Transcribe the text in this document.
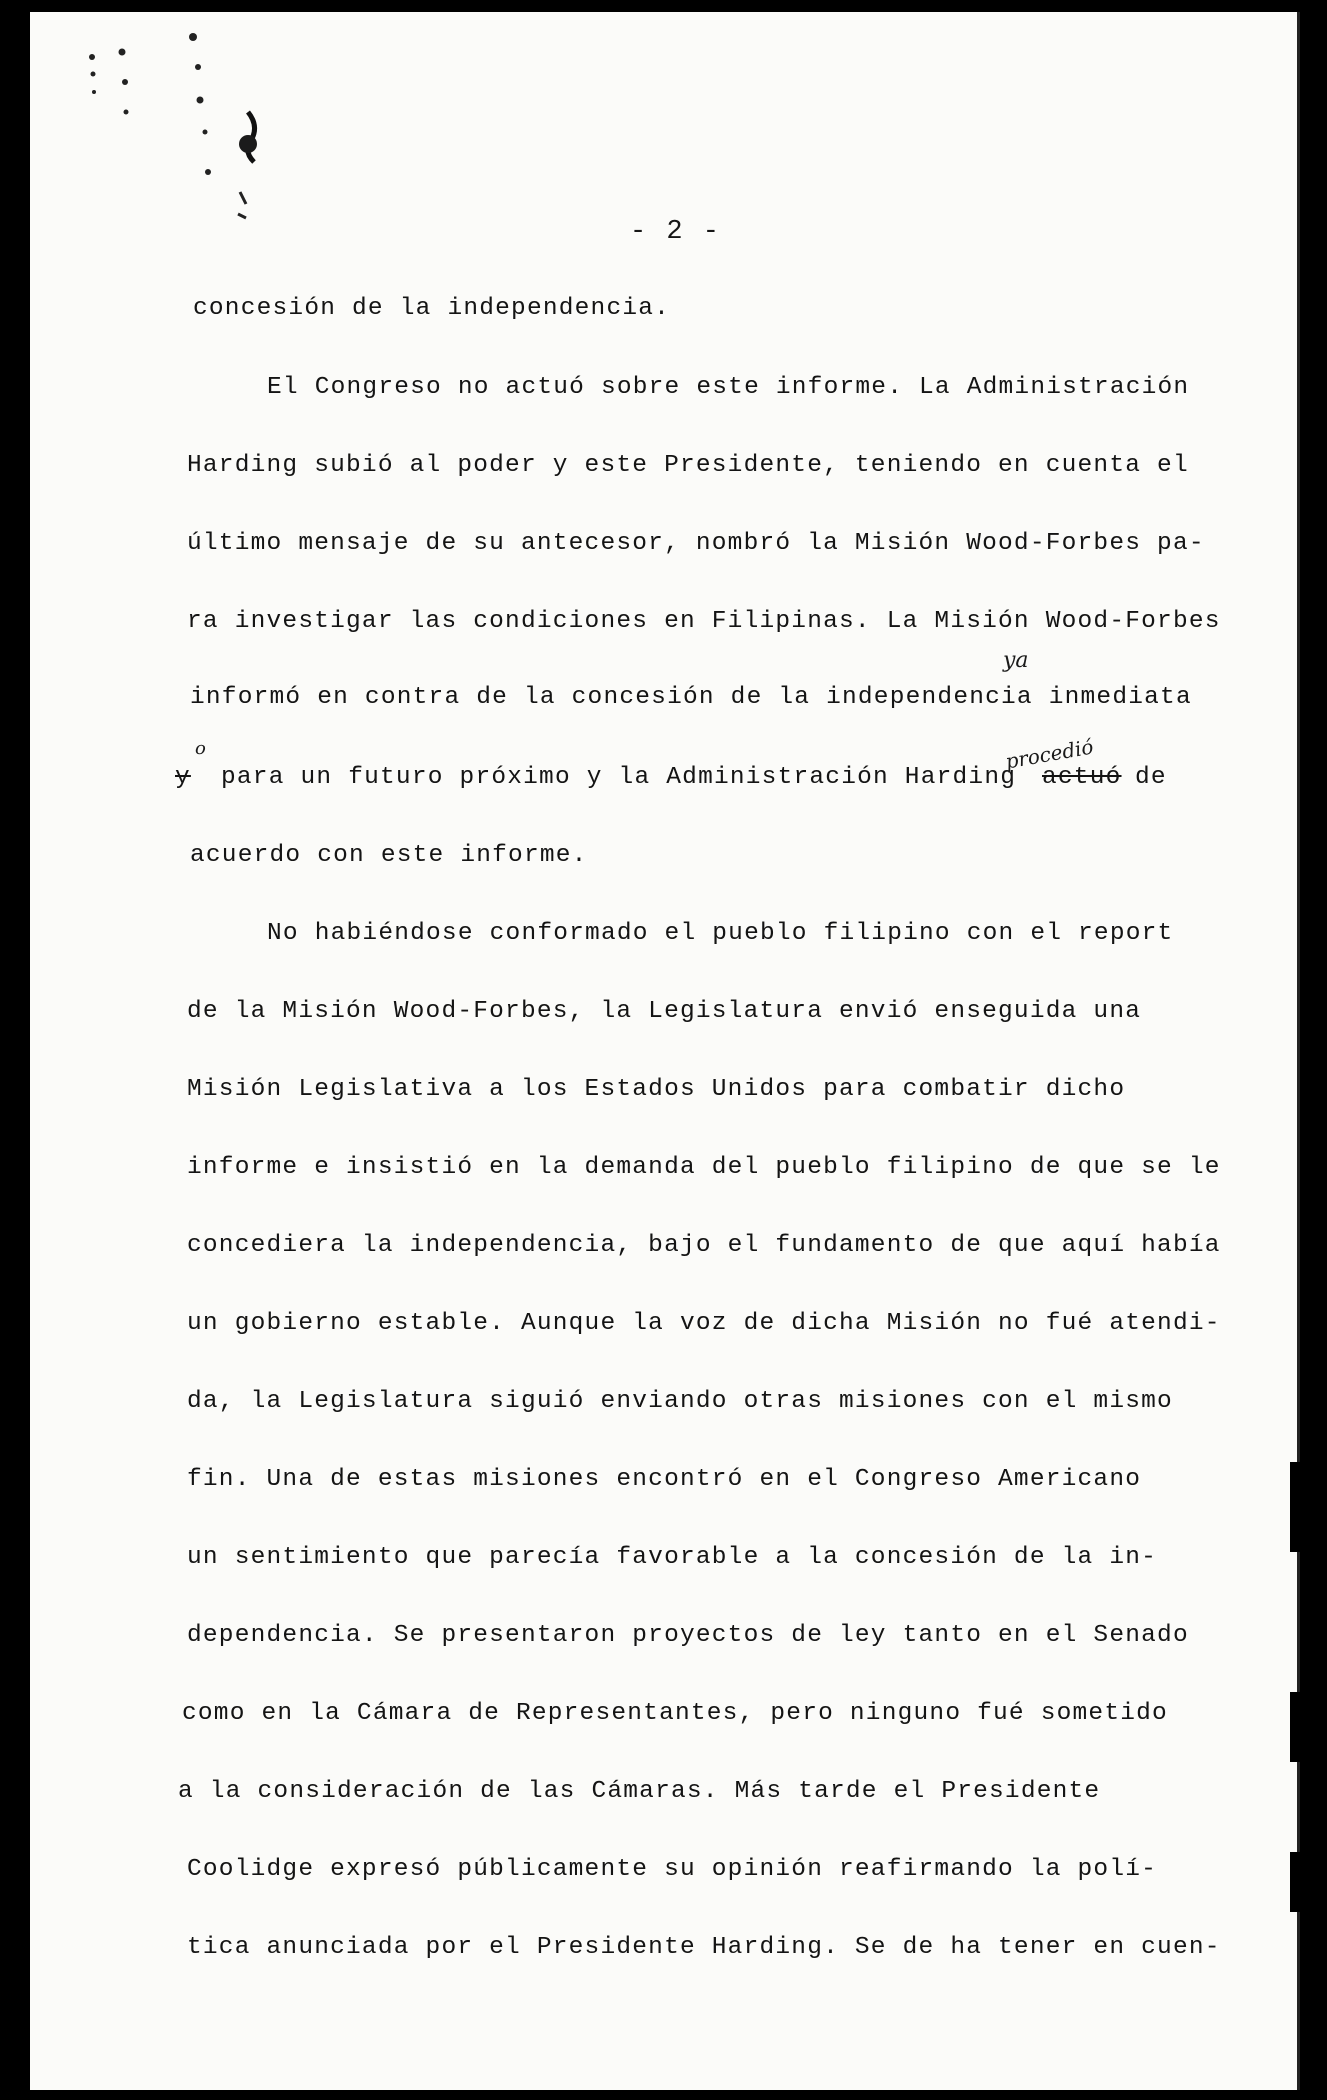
- 2 -
concesión de la independencia.
El Congreso no actuó sobre este informe. La Administración
Harding subió al poder y este Presidente, teniendo en cuenta el
último mensaje de su antecesor, nombró la Misión Wood-Forbes pa-
ra investigar las condiciones en Filipinas. La Misión Wood-Forbes
informó en contra de la concesión de la independencia inmediata
ya
y
o
para un futuro próximo y la Administración Harding
procedió
actuó de
acuerdo con este informe.
No habiéndose conformado el pueblo filipino con el report
de la Misión Wood-Forbes, la Legislatura envió enseguida una
Misión Legislativa a los Estados Unidos para combatir dicho
informe e insistió en la demanda del pueblo filipino de que se le
concediera la independencia, bajo el fundamento de que aquí había
un gobierno estable. Aunque la voz de dicha Misión no fué atendi-
da, la Legislatura siguió enviando otras misiones con el mismo
fin. Una de estas misiones encontró en el Congreso Americano
un sentimiento que parecía favorable a la concesión de la in-
dependencia. Se presentaron proyectos de ley tanto en el Senado
como en la Cámara de Representantes, pero ninguno fué sometido
a la consideración de las Cámaras. Más tarde el Presidente
Coolidge expresó públicamente su opinión reafirmando la polí-
tica anunciada por el Presidente Harding. Se de ha tener en cuen-
